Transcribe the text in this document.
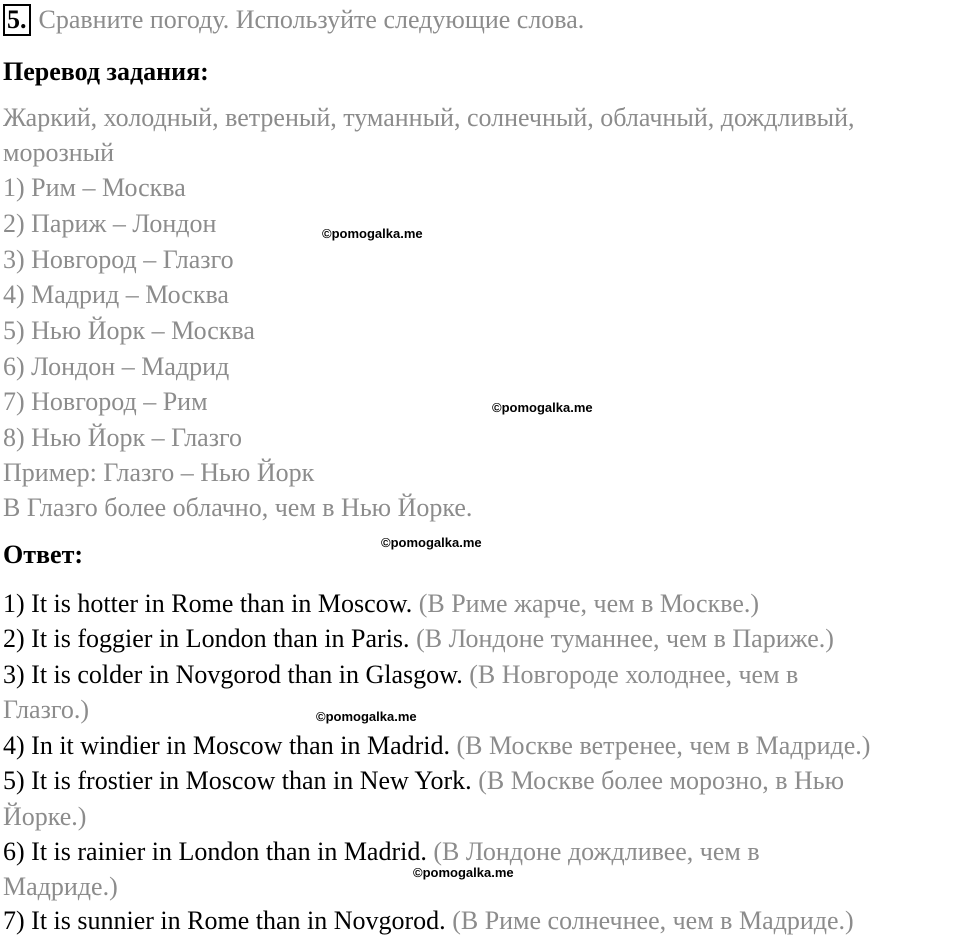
5. Сравните погоду. Используйте следующие слова.
Перевод задания:
Жаркий, холодный, ветреный, туманный, солнечный, облачный, дождливый,
морозный
1) Рим – Москва
2) Париж – Лондон
3) Новгород – Глазго
4) Мадрид – Москва
5) Нью Йорк – Москва
6) Лондон – Мадрид
7) Новгород – Рим
8) Нью Йорк – Глазго
Пример: Глазго – Нью Йорк
В Глазго более облачно, чем в Нью Йорке.
Ответ:
1) It is hotter in Rome than in Moscow. (В Риме жарче, чем в Москве.)
2) It is foggier in London than in Paris. (В Лондоне туманнее, чем в Париже.)
3) It is colder in Novgorod than in Glasgow. (В Новгороде холоднее, чем в
Глазго.)
4) In it windier in Moscow than in Madrid. (В Москве ветренее, чем в Мадриде.)
5) It is frostier in Moscow than in New York. (В Москве более морозно, в Нью
Йорке.)
6) It is rainier in London than in Madrid. (В Лондоне дождливее, чем в
Мадриде.)
7) It is sunnier in Rome than in Novgorod. (В Риме солнечнее, чем в Мадриде.)
©pomogalka.me
©pomogalka.me
©pomogalka.me
©pomogalka.me
©pomogalka.me
